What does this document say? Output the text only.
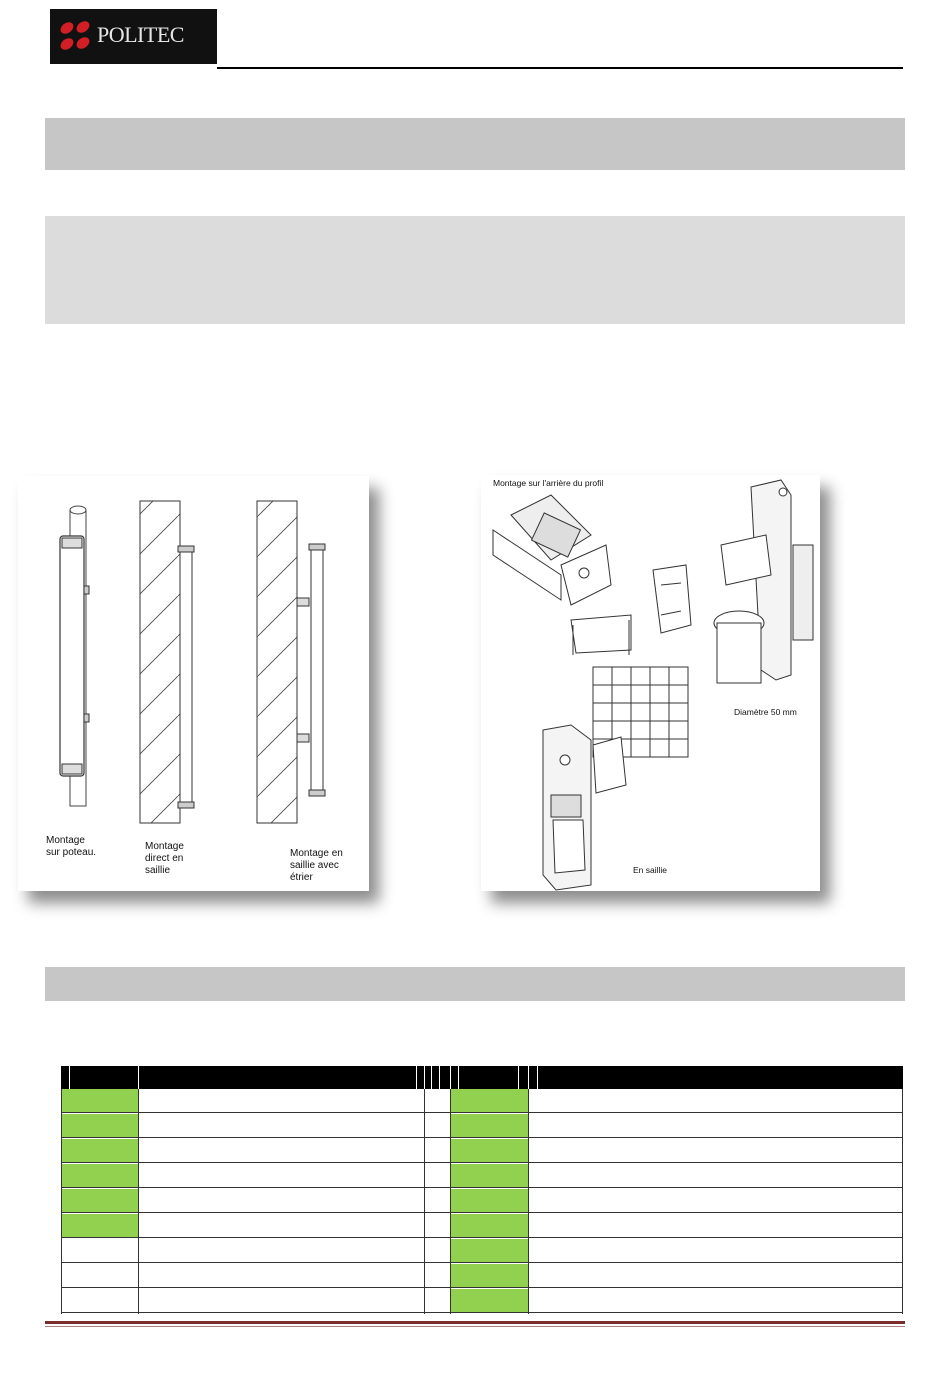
POLITEC
Montage
sur poteau.
Montage
direct en
saillie
Montage en
saillie avec
étrier
Montage sur l'arrière du profil
Diamètre 50 mm
En saillie
